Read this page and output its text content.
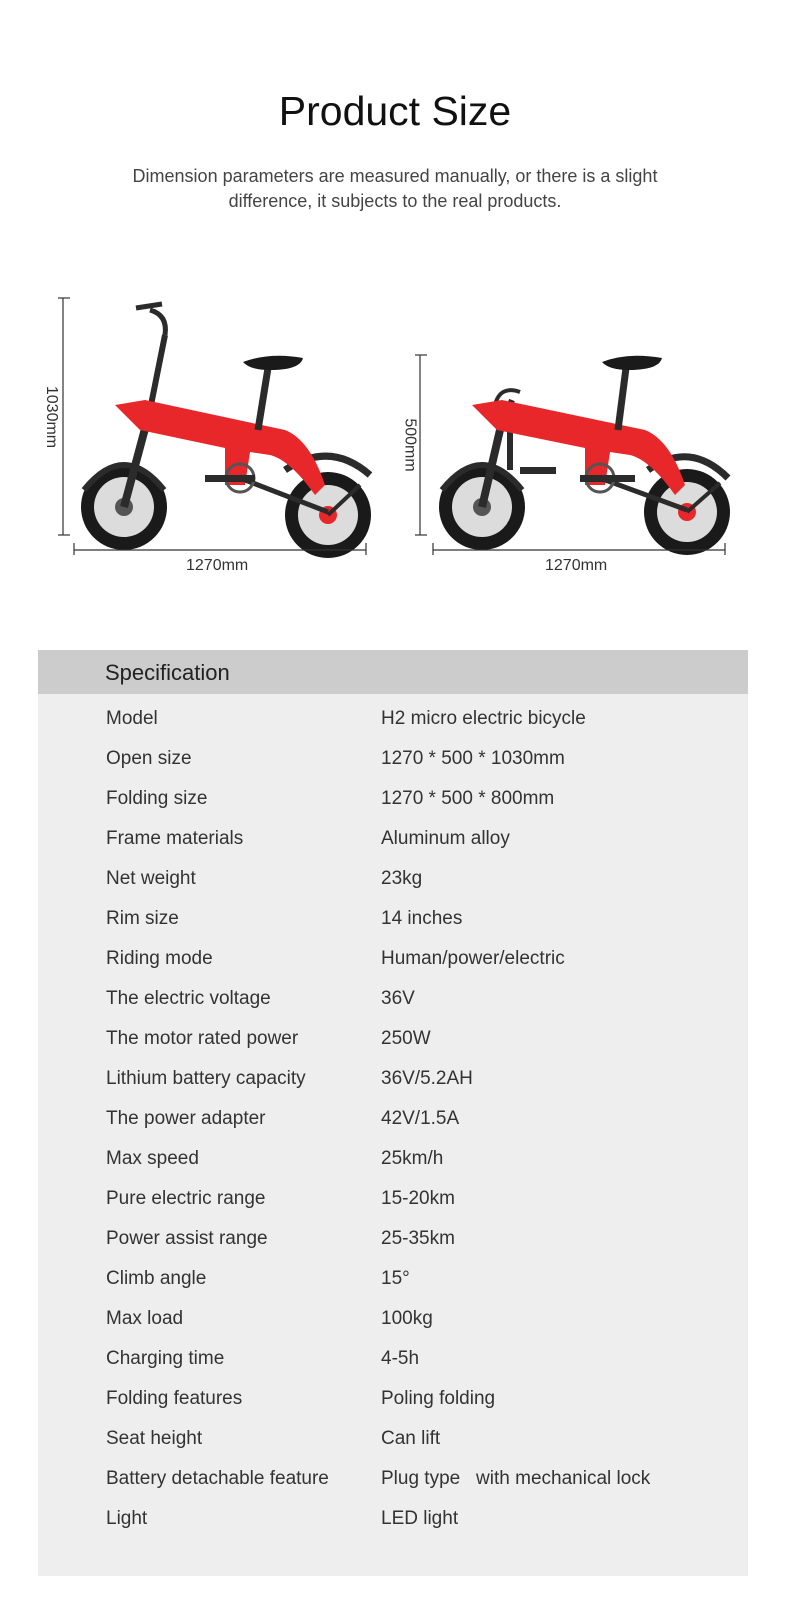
Product Size

Dimension parameters are measured manually, or there is a slight difference, it subjects to the real products.

1030mm
1270mm
500mm
1270mm
Specification
Model	H2 micro electric bicycle
Open size	1270 * 500 * 1030mm
Folding size	1270 * 500 * 800mm
Frame materials	Aluminum alloy
Net weight	23kg
Rim size	14 inches
Riding mode	Human/power/electric
The electric voltage	36V
The motor rated power	250W
Lithium battery capacity	36V/5.2AH
The power adapter	42V/1.5A
Max speed	25km/h
Pure electric range	15-20km
Power assist range	25-35km
Climb angle	15°
Max load	100kg
Charging time	4-5h
Folding features	Poling folding
Seat height	Can lift
Battery detachable feature	Plug type   with mechanical lock
Light	LED light
